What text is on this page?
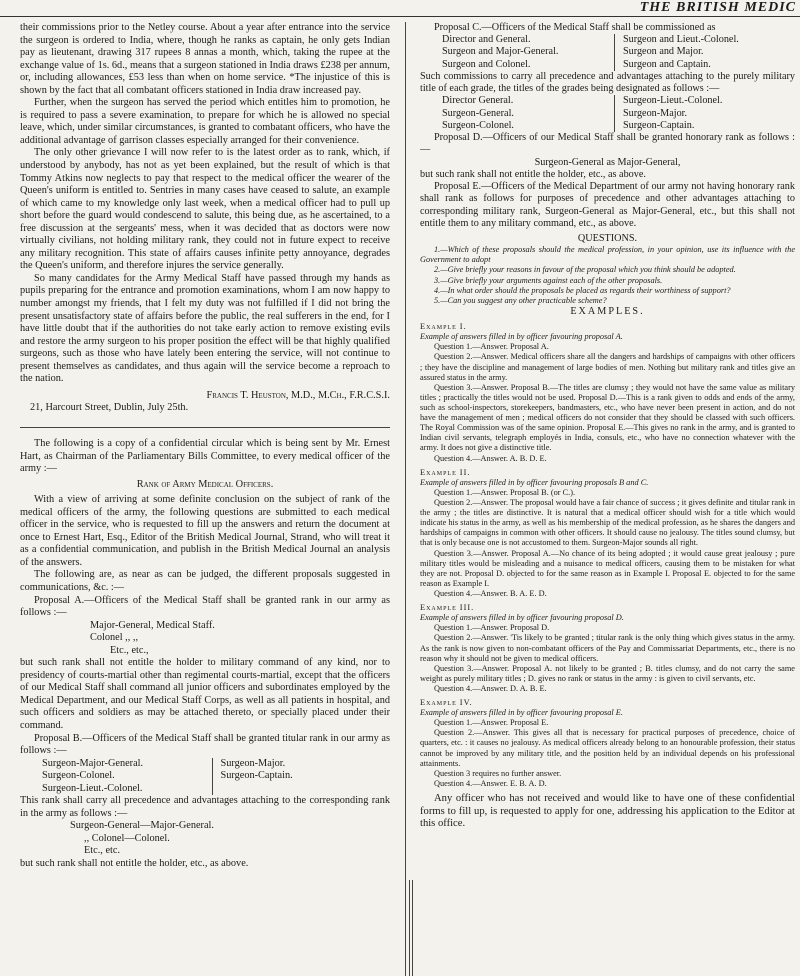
THE BRITISH MEDIC

their commissions prior to the Netley course. About a year after entrance into the service the surgeon is ordered to India, where, though he ranks as captain, he only gets Indian pay as lieutenant, drawing 317 rupees 8 annas a month, which, taking the rupee at the exchange value of 1s. 6d., means that a surgeon stationed in India draws £238 per annum, or, including allowances, £53 less than when on home service. *The injustice of this is shown by the fact that all combatant officers stationed in India draw increased pay.

Further, when the surgeon has served the period which entitles him to promotion, he is required to pass a severe examination, to prepare for which he is allowed no special leave, which, under similar circumstances, is granted to combatant officers, who have the additional advantage of garrison classes especially arranged for their convenience.

The only other grievance I will now refer to is the latest order as to rank, which, if understood by anybody, has not as yet been explained, but the result of which is that Tommy Atkins now neglects to pay that respect to the medical officer the wearer of the Queen's uniform is entitled to. Sentries in many cases have ceased to salute, an example of which came to my knowledge only last week, when a medical officer had to pull up short before the guard would condescend to salute, this being due, as he ascertained, to a free discussion at the sergeants' mess, when it was decided that as doctors were now virtually civilians, not holding military rank, they could not in future expect to receive any military recognition. This state of affairs causes infinite petty annoyance, degrades the Queen's uniform, and therefore injures the service generally.

So many candidates for the Army Medical Staff have passed through my hands as pupils preparing for the entrance and promotion examinations, whom I am now happy to number amongst my friends, that I felt my duty was not fulfilled if I did not bring the present unsatisfactory state of affairs before the public, the real sufferers in the end, for I have little doubt that if the authorities do not take early action to remove existing evils and restore the army surgeon to his proper position the effect will be that highly qualified surgeons, such as those who have lately been entering the service, will not continue to present themselves as candidates, and thus again will the service become a reproach to the nation.

Francis T. Heuston, M.D., M.Ch., F.R.C.S.I.

21, Harcourt Street, Dublin, July 25th.

The following is a copy of a confidential circular which is being sent by Mr. Ernest Hart, as Chairman of the Parliamentary Bills Committee, to every medical officer of the army :—

Rank of Army Medical Officers.

With a view of arriving at some definite conclusion on the subject of rank of the medical officers of the army, the following questions are submitted to each medical officer in the service, who is requested to fill up the answers and return the document at once to Ernest Hart, Esq., Editor of the British Medical Journal, Strand, who will treat it as a confidential communication, and publish in the British Medical Journal an analysis of the answers.

The following are, as near as can be judged, the different proposals suggested in communications, &c. :—

Proposal A.—Officers of the Medical Staff shall be granted rank in our army as follows :—

Major-General, Medical Staff.
Colonel ,, ,,
Etc., etc.,

but such rank shall not entitle the holder to military command of any kind, nor to presidency of courts-martial other than regimental courts-martial, except that the officers of our Medical Staff shall command all junior officers and subordinates employed by the Medical Department, and our Medical Staff Corps, as well as all patients in hospital, and such officers and soldiers as may be attached thereto, or specially placed under their command.

Proposal B.—Officers of the Medical Staff shall be granted titular rank in our army as follows :—

Surgeon-Major-General.
Surgeon-Colonel.
Surgeon-Lieut.-Colonel.
Surgeon-Major.
Surgeon-Captain.

This rank shall carry all precedence and advantages attaching to the corresponding rank in the army as follows :—

Surgeon-General—Major-General.
,, Colonel—Colonel.
Etc., etc.

but such rank shall not entitle the holder, etc., as above.

Proposal C.—Officers of the Medical Staff shall be commissioned as

Director and General.
Surgeon and Major-General.
Surgeon and Colonel.
Surgeon and Lieut.-Colonel.
Surgeon and Major.
Surgeon and Captain.

Such commissions to carry all precedence and advantages attaching to the purely military title of each grade, the titles of the grades being designated as follows :—

Director General.
Surgeon-General.
Surgeon-Colonel.
Surgeon-Lieut.-Colonel.
Surgeon-Major.
Surgeon-Captain.

Proposal D.—Officers of our Medical Staff shall be granted honorary rank as follows :—

Surgeon-General as Major-General,

but such rank shall not entitle the holder, etc., as above.

Proposal E.—Officers of the Medical Department of our army not having honorary rank shall rank as follows for purposes of precedence and other advantages attaching to corresponding military rank, Surgeon-General as Major-General, etc., but this shall not entitle them to any military command, etc., as above.

QUESTIONS.

1.—Which of these proposals should the medical profession, in your opinion, use its influence with the Government to adopt

2.—Give briefly your reasons in favour of the proposal which you think should be adopted.

3.—Give briefly your arguments against each of the other proposals.

4.—In what order should the proposals be placed as regards their worthiness of support?

5.—Can you suggest any other practicable scheme?

EXAMPLES.

Example I.

Example of answers filled in by officer favouring proposal A.

Question 1.—Answer. Proposal A.

Question 2.—Answer. Medical officers share all the dangers and hardships of campaigns with other officers ; they have the discipline and management of large bodies of men. Nothing but military rank and titles give an assured status in the army.

Question 3.—Answer. Proposal B.—The titles are clumsy ; they would not have the same value as military titles ; practically the titles would not be used. Proposal D.—This is a rank given to odds and ends of the army, such as school-inspectors, storekeepers, bandmasters, etc., who have never been present in action, and do not have the management of men ; medical officers do not consider that they should be classed with such officers. The Royal Commission was of the same opinion. Proposal E.—This gives no rank in the army, and is granted to Indian civil servants, telegraph employés in India, consuls, etc., who have no connection whatever with the army. It does not give a distinctive title.

Question 4.—Answer. A. B. D. E.

Example II.

Example of answers filled in by officer favouring proposals B and C.

Question 1.—Answer. Proposal B. (or C.).

Question 2.—Answer. The proposal would have a fair chance of success ; it gives definite and titular rank in the army ; the titles are distinctive. It is natural that a medical officer should wish for a title which would indicate his status in the army, as well as his membership of the medical profession, as he shares the dangers and hardships of campaigns in common with other officers. It should cause no jealousy. The titles sound clumsy, but that is only because one is not accustomed to them. Surgeon-Major sounds all right.

Question 3.—Answer. Proposal A.—No chance of its being adopted ; it would cause great jealousy ; pure military titles would be misleading and a nuisance to medical officers, causing them to be mistaken for what they are not. Proposal D. objected to for the same reason as in Example I. Proposal E. objected to for the same reason as Example I.

Question 4.—Answer. B. A. E. D.

Example III.

Example of answers filled in by officer favouring proposal D.

Question 1.—Answer. Proposal D.

Question 2.—Answer. 'Tis likely to be granted ; titular rank is the only thing which gives status in the army. As the rank is now given to non-combatant officers of the Pay and Commissariat Departments, etc., there is no reason why it should not be given to medical officers.

Question 3.—Answer. Proposal A. not likely to be granted ; B. titles clumsy, and do not carry the same weight as purely military titles ; D. gives no rank or status in the army : is given to civil servants, etc.

Question 4.—Answer. D. A. B. E.

Example IV.

Example of answers filled in by officer favouring proposal E.

Question 1.—Answer. Proposal E.

Question 2.—Answer. This gives all that is necessary for practical purposes of precedence, choice of quarters, etc. : it causes no jealousy. As medical officers already belong to an honourable profession, their status cannot be improved by any military title, and the position held by an individual depends on his professional attainments.

Question 3 requires no further answer.

Question 4.—Answer. E. B. A. D.

Any officer who has not received and would like to have one of these confidential forms to fill up, is requested to apply for one, addressing his application to the Editor at this office.
